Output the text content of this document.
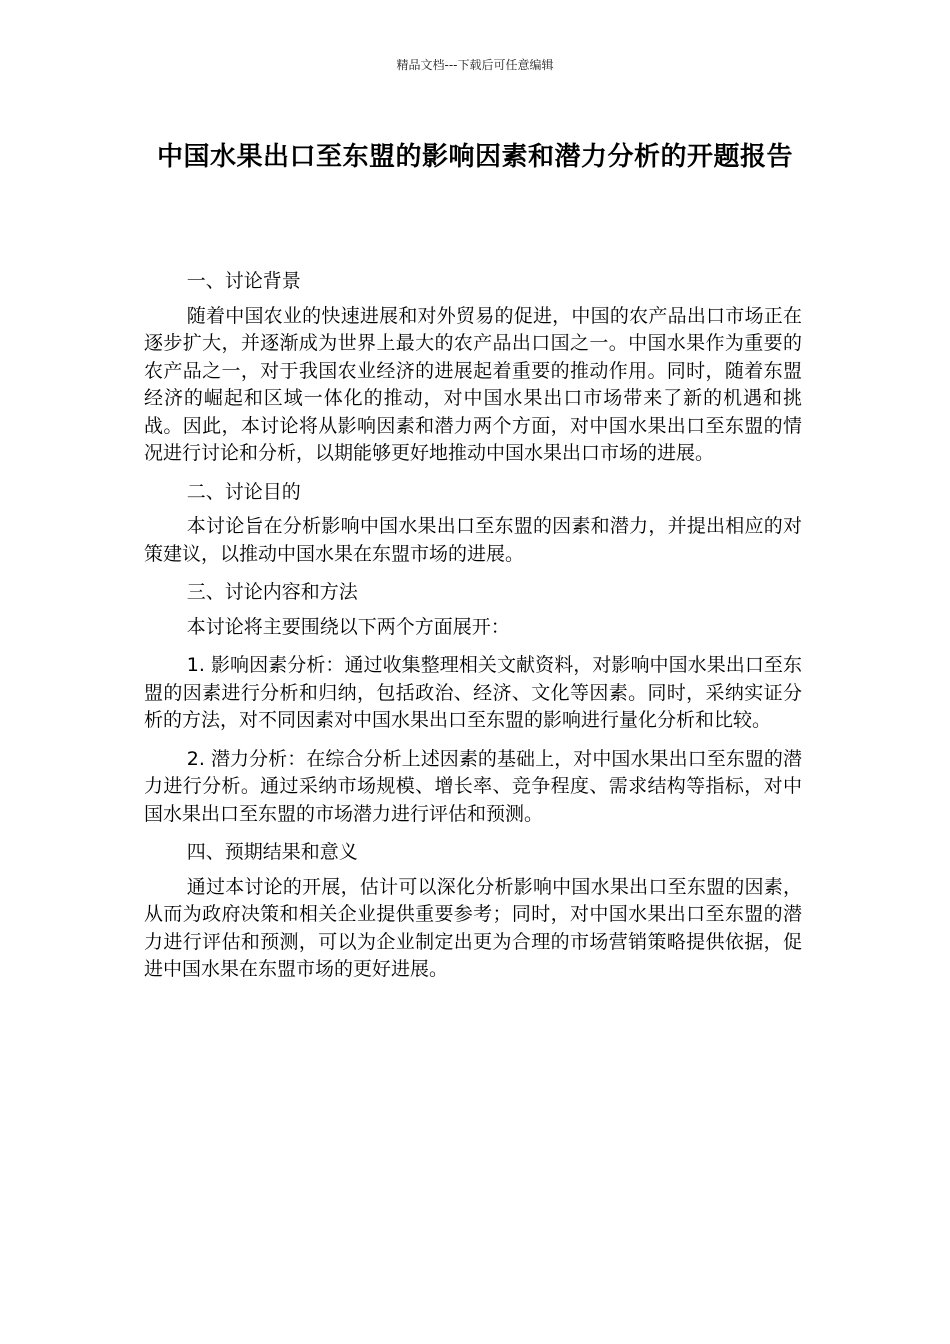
精品文档---下载后可任意编辑
中国水果出口至东盟的影响因素和潜力分析的开题报告

一、讨论背景

随着中国农业的快速进展和对外贸易的促进，中国的农产品出口市场正在逐步扩大，并逐渐成为世界上最大的农产品出口国之一。中国水果作为重要的农产品之一，对于我国农业经济的进展起着重要的推动作用。同时，随着东盟经济的崛起和区域一体化的推动，对中国水果出口市场带来了新的机遇和挑战。因此，本讨论将从影响因素和潜力两个方面，对中国水果出口至东盟的情况进行讨论和分析，以期能够更好地推动中国水果出口市场的进展。

二、讨论目的

本讨论旨在分析影响中国水果出口至东盟的因素和潜力，并提出相应的对策建议，以推动中国水果在东盟市场的进展。

三、讨论内容和方法

本讨论将主要围绕以下两个方面展开：

1. 影响因素分析：通过收集整理相关文献资料，对影响中国水果出口至东盟的因素进行分析和归纳，包括政治、经济、文化等因素。同时，采纳实证分析的方法，对不同因素对中国水果出口至东盟的影响进行量化分析和比较。

2. 潜力分析：在综合分析上述因素的基础上，对中国水果出口至东盟的潜力进行分析。通过采纳市场规模、增长率、竞争程度、需求结构等指标，对中国水果出口至东盟的市场潜力进行评估和预测。

四、预期结果和意义

通过本讨论的开展，估计可以深化分析影响中国水果出口至东盟的因素，从而为政府决策和相关企业提供重要参考；同时，对中国水果出口至东盟的潜力进行评估和预测，可以为企业制定出更为合理的市场营销策略提供依据，促进中国水果在东盟市场的更好进展。
